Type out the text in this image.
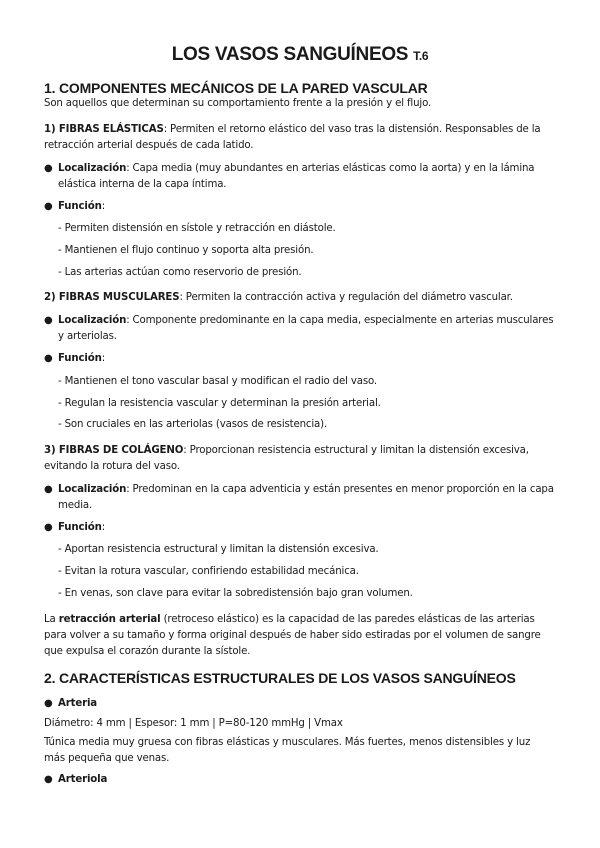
LOS VASOS SANGUÍNEOS T.6
1. COMPONENTES MECÁNICOS DE LA PARED VASCULAR
Son aquellos que determinan su comportamiento frente a la presión y el flujo.
1) FIBRAS ELÁSTICAS: Permiten el retorno elástico del vaso tras la distensión. Responsables de la retracción arterial después de cada latido.
● Localización: Capa media (muy abundantes en arterias elásticas como la aorta) y en la lámina elástica interna de la capa íntima.
● Función:
- Permiten distensión en sístole y retracción en diástole.
- Mantienen el flujo continuo y soporta alta presión.
- Las arterias actúan como reservorio de presión.
2) FIBRAS MUSCULARES: Permiten la contracción activa y regulación del diámetro vascular.
● Localización: Componente predominante en la capa media, especialmente en arterias musculares y arteriolas.
● Función:
- Mantienen el tono vascular basal y modifican el radio del vaso.
- Regulan la resistencia vascular y determinan la presión arterial.
- Son cruciales en las arteriolas (vasos de resistencia).
3) FIBRAS DE COLÁGENO: Proporcionan resistencia estructural y limitan la distensión excesiva, evitando la rotura del vaso.
● Localización: Predominan en la capa adventicia y están presentes en menor proporción en la capa media.
● Función:
- Aportan resistencia estructural y limitan la distensión excesiva.
- Evitan la rotura vascular, confiriendo estabilidad mecánica.
- En venas, son clave para evitar la sobredistensión bajo gran volumen.
La retracción arterial (retroceso elástico) es la capacidad de las paredes elásticas de las arterias para volver a su tamaño y forma original después de haber sido estiradas por el volumen de sangre que expulsa el corazón durante la sístole.
2. CARACTERÍSTICAS ESTRUCTURALES DE LOS VASOS SANGUÍNEOS
● Arteria
Diámetro: 4 mm | Espesor: 1 mm | P=80-120 mmHg | Vmax
Túnica media muy gruesa con fibras elásticas y musculares. Más fuertes, menos distensibles y luz más pequeña que venas.
● Arteriola
